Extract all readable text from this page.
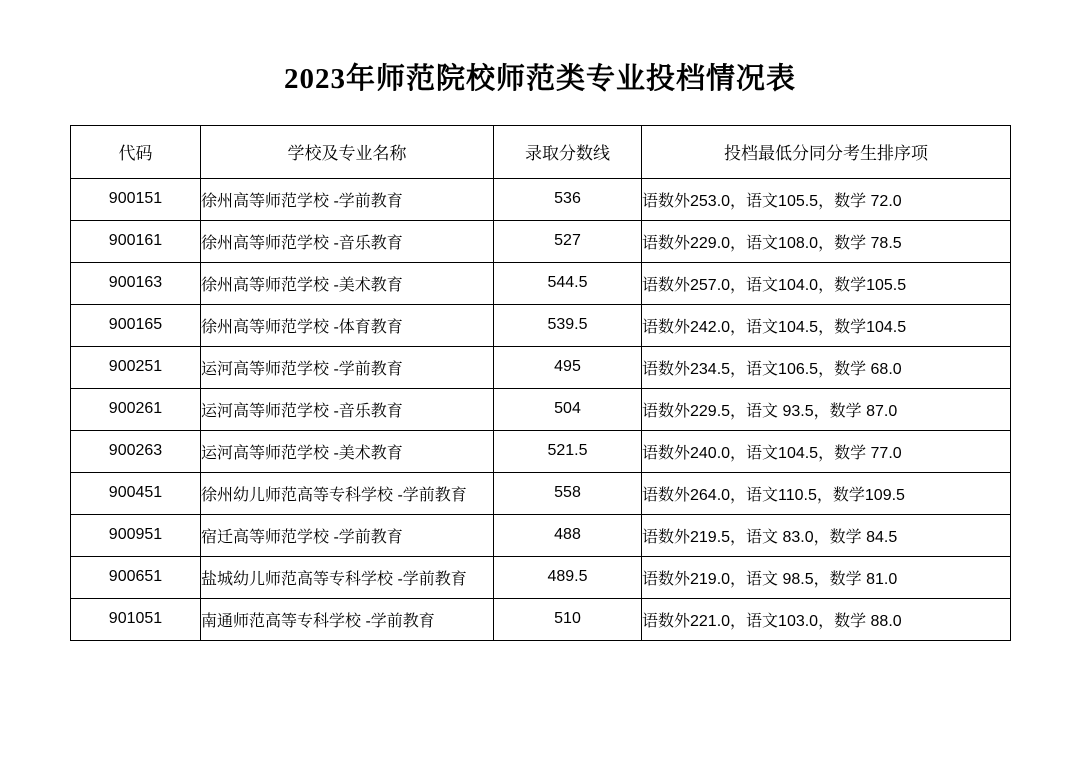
2023年师范院校师范类专业投档情况表
代码	学校及专业名称	录取分数线	投档最低分同分考生排序项
900151	徐州高等师范学校 -学前教育	536	语数外253.0，语文105.5，数学 72.0
900161	徐州高等师范学校 -音乐教育	527	语数外229.0，语文108.0，数学 78.5
900163	徐州高等师范学校 -美术教育	544.5	语数外257.0，语文104.0，数学105.5
900165	徐州高等师范学校 -体育教育	539.5	语数外242.0，语文104.5，数学104.5
900251	运河高等师范学校 -学前教育	495	语数外234.5，语文106.5，数学 68.0
900261	运河高等师范学校 -音乐教育	504	语数外229.5，语文 93.5，数学 87.0
900263	运河高等师范学校 -美术教育	521.5	语数外240.0，语文104.5，数学 77.0
900451	徐州幼儿师范高等专科学校 -学前教育	558	语数外264.0，语文110.5，数学109.5
900951	宿迁高等师范学校 -学前教育	488	语数外219.5，语文 83.0，数学 84.5
900651	盐城幼儿师范高等专科学校 -学前教育	489.5	语数外219.0，语文 98.5，数学 81.0
901051	南通师范高等专科学校 -学前教育	510	语数外221.0，语文103.0，数学 88.0
